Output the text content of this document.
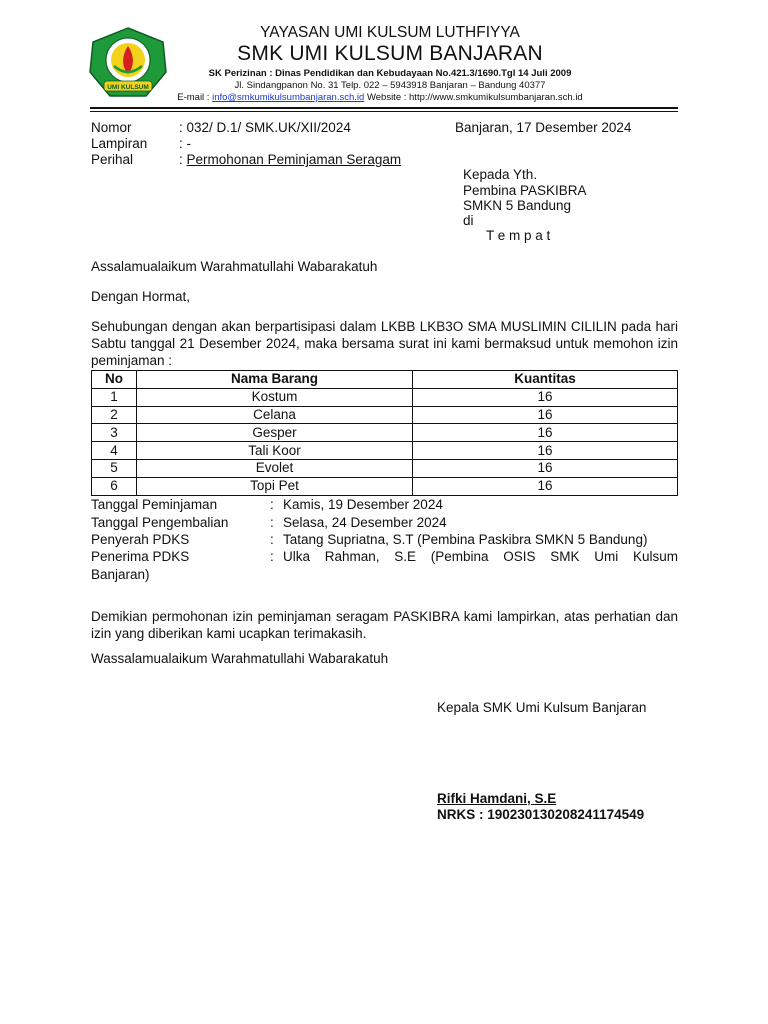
UMI KULSUM
YAYASAN UMI KULSUM LUTHFIYYA
SMK UMI KULSUM BANJARAN
SK Perizinan : Dinas Pendidikan dan Kebudayaan No.421.3/1690.Tgl 14 Juli 2009
Jl. Sindangpanon No. 31 Telp. 022 – 5943918 Banjaran – Bandung 40377
E-mail : info@smkumikulsumbanjaran.sch.id Website : http://www.smkumikulsumbanjaran.sch.id
Nomor	: 032/ D.1/ SMK.UK/XII/2024	Banjaran, 17 Desember 2024
Lampiran : -
Perihal	: Permohonan Peminjaman Seragam
Kepada Yth.
Pembina PASKIBRA
SMKN 5 Bandung
di
T e m p a t
Assalamualaikum Warahmatullahi Wabarakatuh
Dengan Hormat,
Sehubungan dengan akan berpartisipasi dalam LKBB LKB3O SMA MUSLIMIN CILILIN pada hari Sabtu tanggal 21 Desember 2024, maka bersama surat ini kami bermaksud untuk memohon izin peminjaman :
No	Nama Barang	Kuantitas
1	Kostum	16
2	Celana	16
3	Gesper	16
4	Tali Koor	16
5	Evolet	16
6	Topi Pet	16
Tanggal Peminjaman	: Kamis, 19 Desember 2024
Tanggal Pengembalian	: Selasa, 24 Desember 2024
Penyerah PDKS	: Tatang Supriatna, S.T (Pembina Paskibra SMKN 5 Bandung)
Penerima PDKS	: Ulka Rahman, S.E (Pembina OSIS SMK Umi Kulsum
Banjaran)
Demikian permohonan izin peminjaman seragam PASKIBRA kami lampirkan, atas perhatian dan izin yang diberikan kami ucapkan terimakasih.
Wassalamualaikum Warahmatullahi Wabarakatuh
Kepala SMK Umi Kulsum Banjaran
Rifki Hamdani, S.E
NRKS : 190230130208241174549
